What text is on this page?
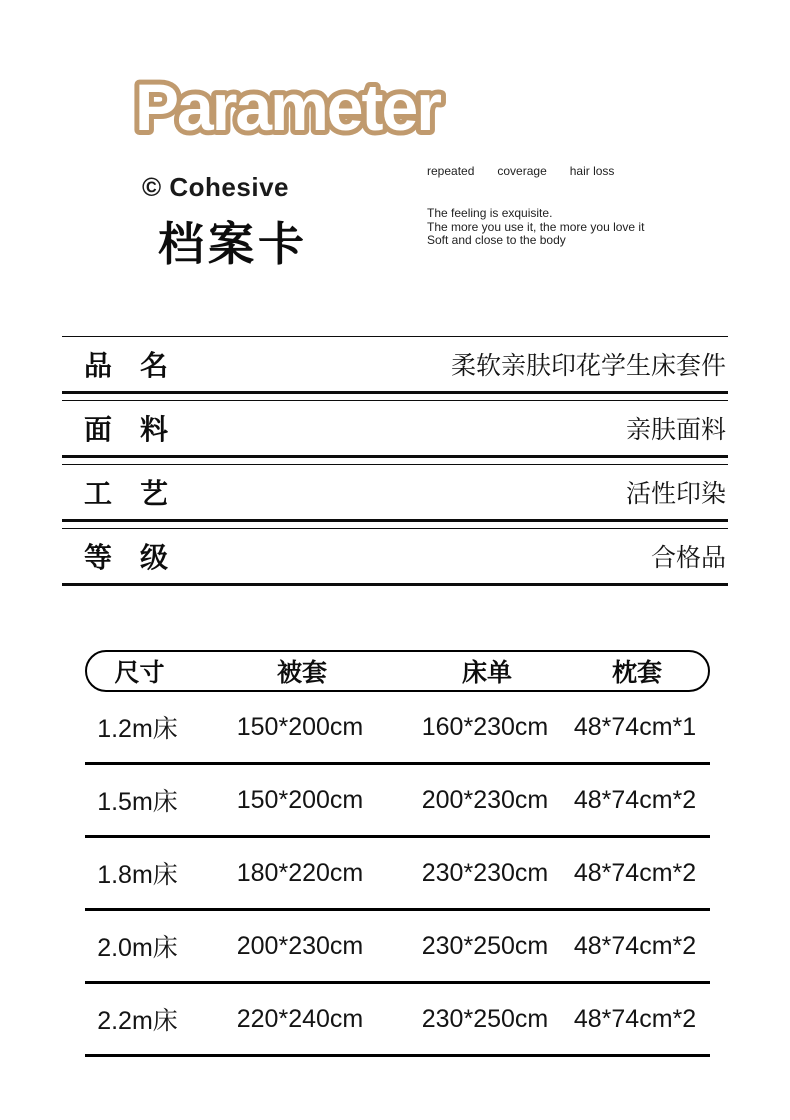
Parameter
© Cohesive
档案卡
repeated coverage hair loss
The feeling is exquisite.
The more you use it, the more you love it
Soft and close to the body
品　名	柔软亲肤印花学生床套件
面　料	亲肤面料
工　艺	活性印染
等　级	合格品
尺寸	被套	床单	枕套
1.2m床	150*200cm	160*230cm	48*74cm*1
1.5m床	150*200cm	200*230cm	48*74cm*2
1.8m床	180*220cm	230*230cm	48*74cm*2
2.0m床	200*230cm	230*250cm	48*74cm*2
2.2m床	220*240cm	230*250cm	48*74cm*2
